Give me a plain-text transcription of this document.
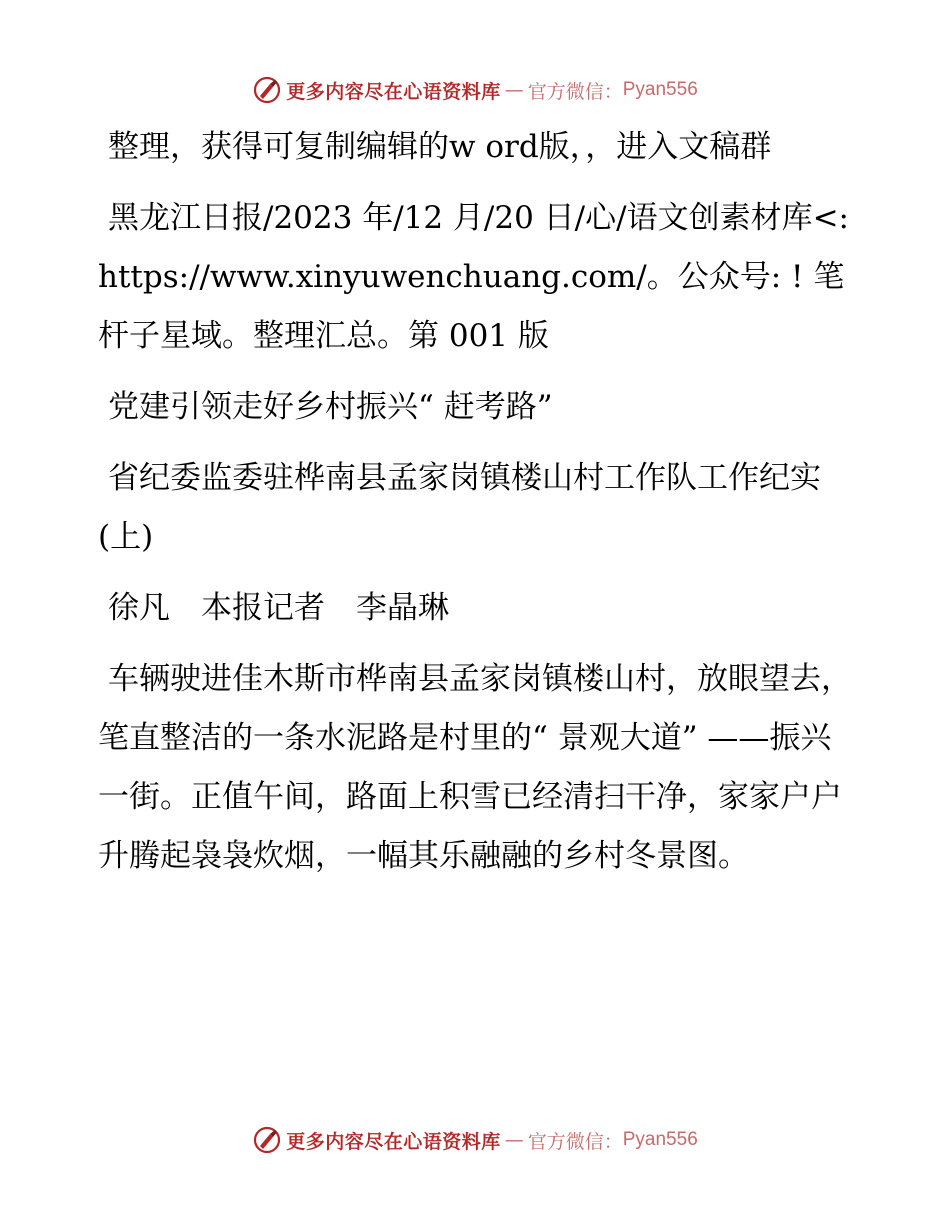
更多内容尽在心语资料库 — 官方微信： Pyan556

整理，获得可复制编辑的w ord版，，进入文稿群

黑龙江日报/2023 年/12 月/20 日/心/语文创素材库<: https://www.xinyuwenchuang.com/。公众号: ! 笔杆子星域。整理汇总。第 001 版

党建引领走好乡村振兴“ 赶考路”

省纪委监委驻桦南县孟家岗镇楼山村工作队工作纪实(上)

徐凡　本报记者　李晶琳

车辆驶进佳木斯市桦南县孟家岗镇楼山村，放眼望去，笔直整洁的一条水泥路是村里的“ 景观大道” ——振兴一街。正值午间，路面上积雪已经清扫干净，家家户户升腾起袅袅炊烟，一幅其乐融融的乡村冬景图。

更多内容尽在心语资料库 — 官方微信： Pyan556
